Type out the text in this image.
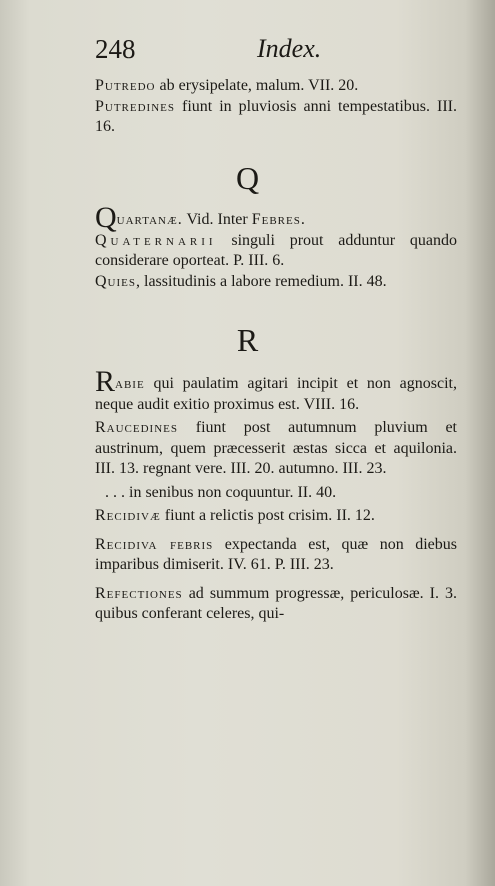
248	Index.

Putredo ab erysipelate, malum. VII. 20.

Putredines fiunt in pluviosis anni tempestatibus. III. 16.

Q

Quartanæ. Vid. Inter Febres.

Quaternarii singuli prout adduntur quando considerare oporteat. P. III. 6.

Quies, lassitudinis a labore remedium. II. 48.

R

Rabie qui paulatim agitari incipit et non agnoscit, neque audit exitio proximus est. VIII. 16.

Raucedines fiunt post autumnum pluvium et austrinum, quem præcesserit æstas sicca et aquilonia. III. 13. regnant vere. III. 20. autumno. III. 23.

. . . in senibus non coquuntur. II. 40.

Recidivæ fiunt a relictis post crisim. II. 12.

Recidiva febris expectanda est, quæ non diebus imparibus dimiserit. IV. 61. P. III. 23.

Refectiones ad summum progressæ, periculosæ. I. 3. quibus conferant celeres, qui-
